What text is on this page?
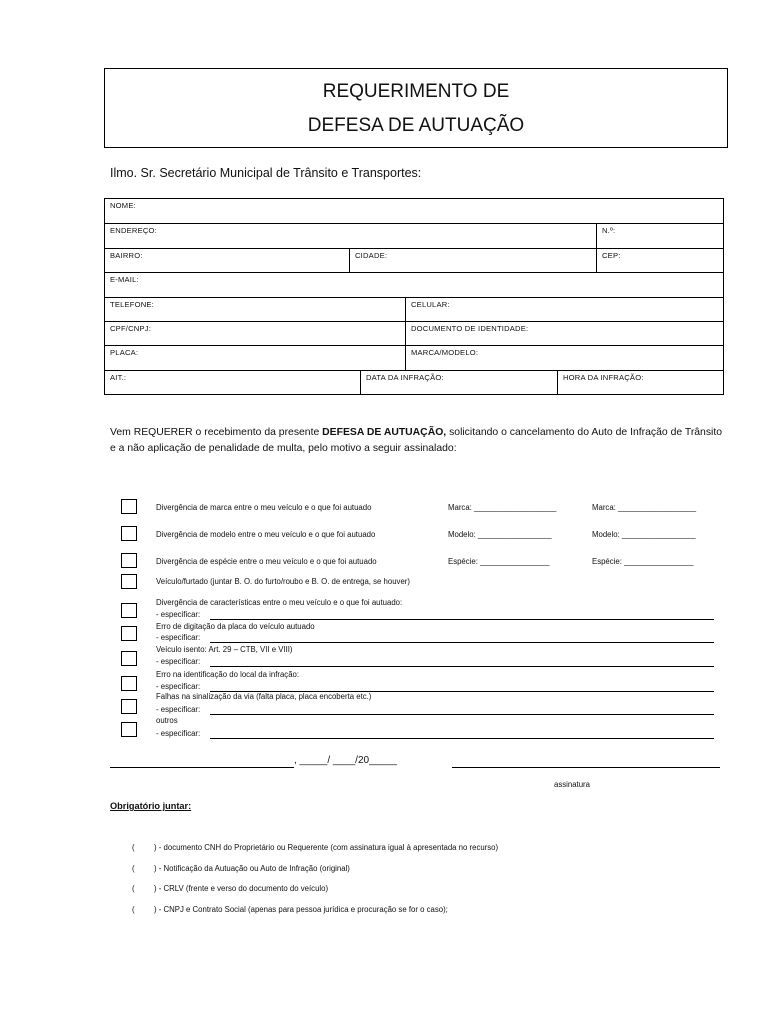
REQUERIMENTO DE
DEFESA DE AUTUAÇÃO
Ilmo. Sr. Secretário Municipal de Trânsito e Transportes:
NOME:
ENDEREÇO:	N.º:
BAIRRO:	CIDADE:	CEP:
E-MAIL:
TELEFONE:	CELULAR:
CPF/CNPJ:	DOCUMENTO DE IDENTIDADE:
PLACA:	MARCA/MODELO:
AIT.:	DATA DA INFRAÇÃO:	HORA DA INFRAÇÃO:
Vem REQUERER o recebimento da presente DEFESA DE AUTUAÇÃO, solicitando o cancelamento do Auto de Infração de Trânsito e a não aplicação de penalidade de multa, pelo motivo a seguir assinalado:
Divergência de marca entre o meu veículo e o que foi autuado	Marca: ___________________	Marca: __________________
Divergência de modelo entre o meu veículo e o que foi autuado	Modelo: _________________	Modelo: _________________
Divergência de espécie entre o meu veículo e o que foi autuado	Espécie: ________________	Espécie: ________________
Veículo/furtado (juntar B. O. do furto/roubo e B. O. de entrega, se houver)
Divergência de características entre o meu veículo e o que foi autuado:
- especificar:
Erro de digitação da placa do veículo autuado
- especificar:
Veículo isento: Art. 29 – CTB, VII e VIII)
- especificar:
Erro na identificação do local da infração:
- especificar:
Falhas na sinalização da via (falta placa, placa encoberta etc.)
- especificar:
outros
- especificar:
, _____/ ____/20_____
assinatura
Obrigatório juntar:
( ) - documento CNH do Proprietário ou Requerente (com assinatura igual à apresentada no recurso)
( ) - Notificação da Autuação ou Auto de Infração (original)
( ) - CRLV (frente e verso do documento do veículo)
( ) - CNPJ e Contrato Social (apenas para pessoa jurídica e procuração se for o caso);
